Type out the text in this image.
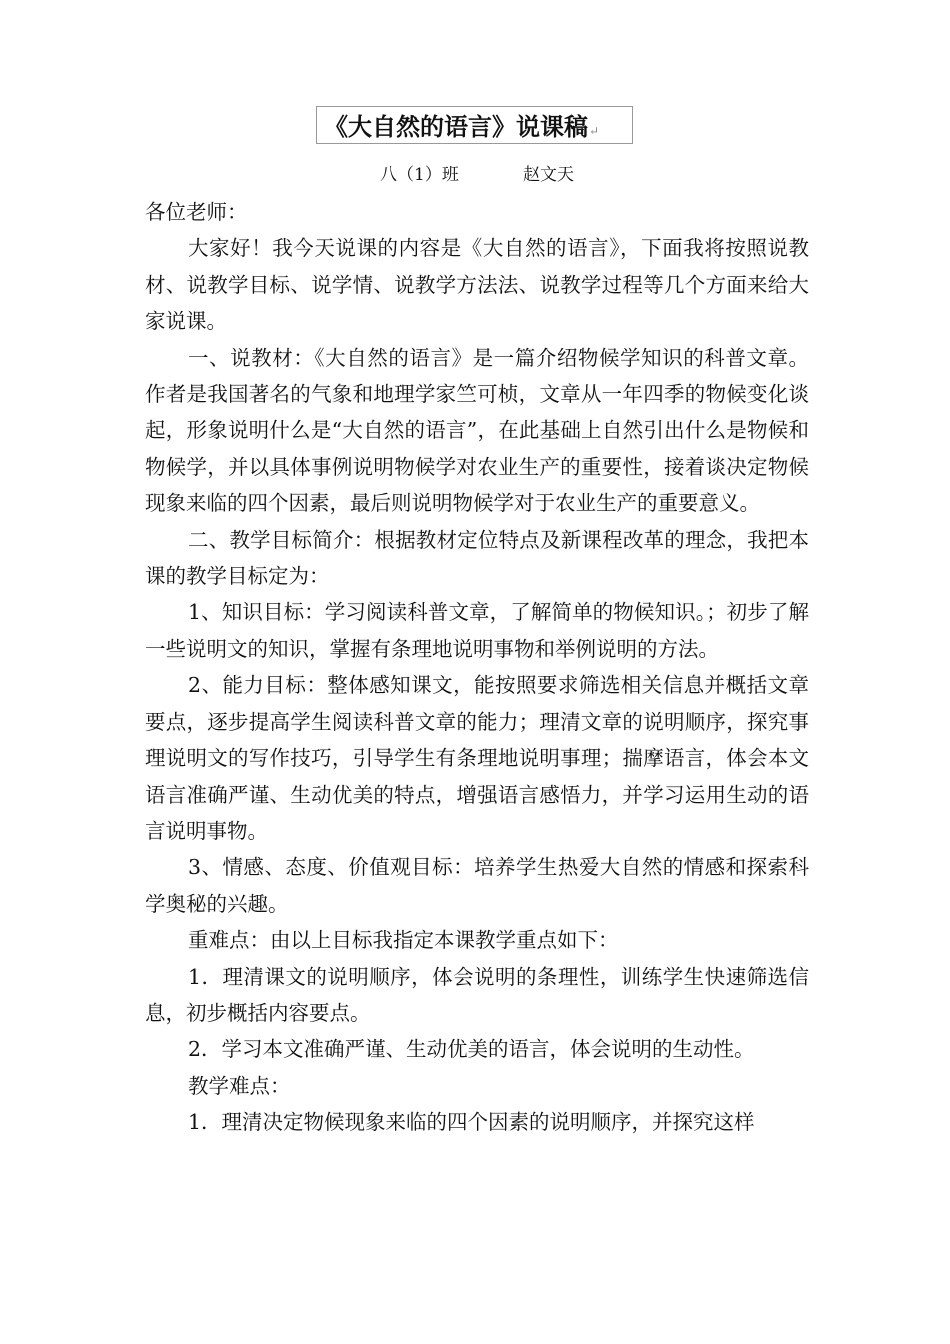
《大自然的语言》说课稿↵
八（1）班	赵文天

各位老师：

大家好！我今天说课的内容是《大自然的语言》，下面我将按照说教材、说教学目标、说学情、说教学方法法、说教学过程等几个方面来给大家说课。

一、说教材：《大自然的语言》是一篇介绍物候学知识的科普文章。作者是我国著名的气象和地理学家竺可桢，文章从一年四季的物候变化谈起，形象说明什么是“大自然的语言”，在此基础上自然引出什么是物候和物候学，并以具体事例说明物候学对农业生产的重要性，接着谈决定物候现象来临的四个因素，最后则说明物候学对于农业生产的重要意义。

二、教学目标简介：根据教材定位特点及新课程改革的理念，我把本课的教学目标定为：

1、知识目标：学习阅读科普文章，了解简单的物候知识。；初步了解一些说明文的知识，掌握有条理地说明事物和举例说明的方法。

2、能力目标：整体感知课文，能按照要求筛选相关信息并概括文章要点，逐步提高学生阅读科普文章的能力；理清文章的说明顺序，探究事理说明文的写作技巧，引导学生有条理地说明事理；揣摩语言，体会本文语言准确严谨、生动优美的特点，增强语言感悟力，并学习运用生动的语言说明事物。

3、情感、态度、价值观目标：培养学生热爱大自然的情感和探索科学奥秘的兴趣。

重难点：由以上目标我指定本课教学重点如下：

1．理清课文的说明顺序，体会说明的条理性，训练学生快速筛选信息，初步概括内容要点。

2．学习本文准确严谨、生动优美的语言，体会说明的生动性。

教学难点：

1．理清决定物候现象来临的四个因素的说明顺序，并探究这样
